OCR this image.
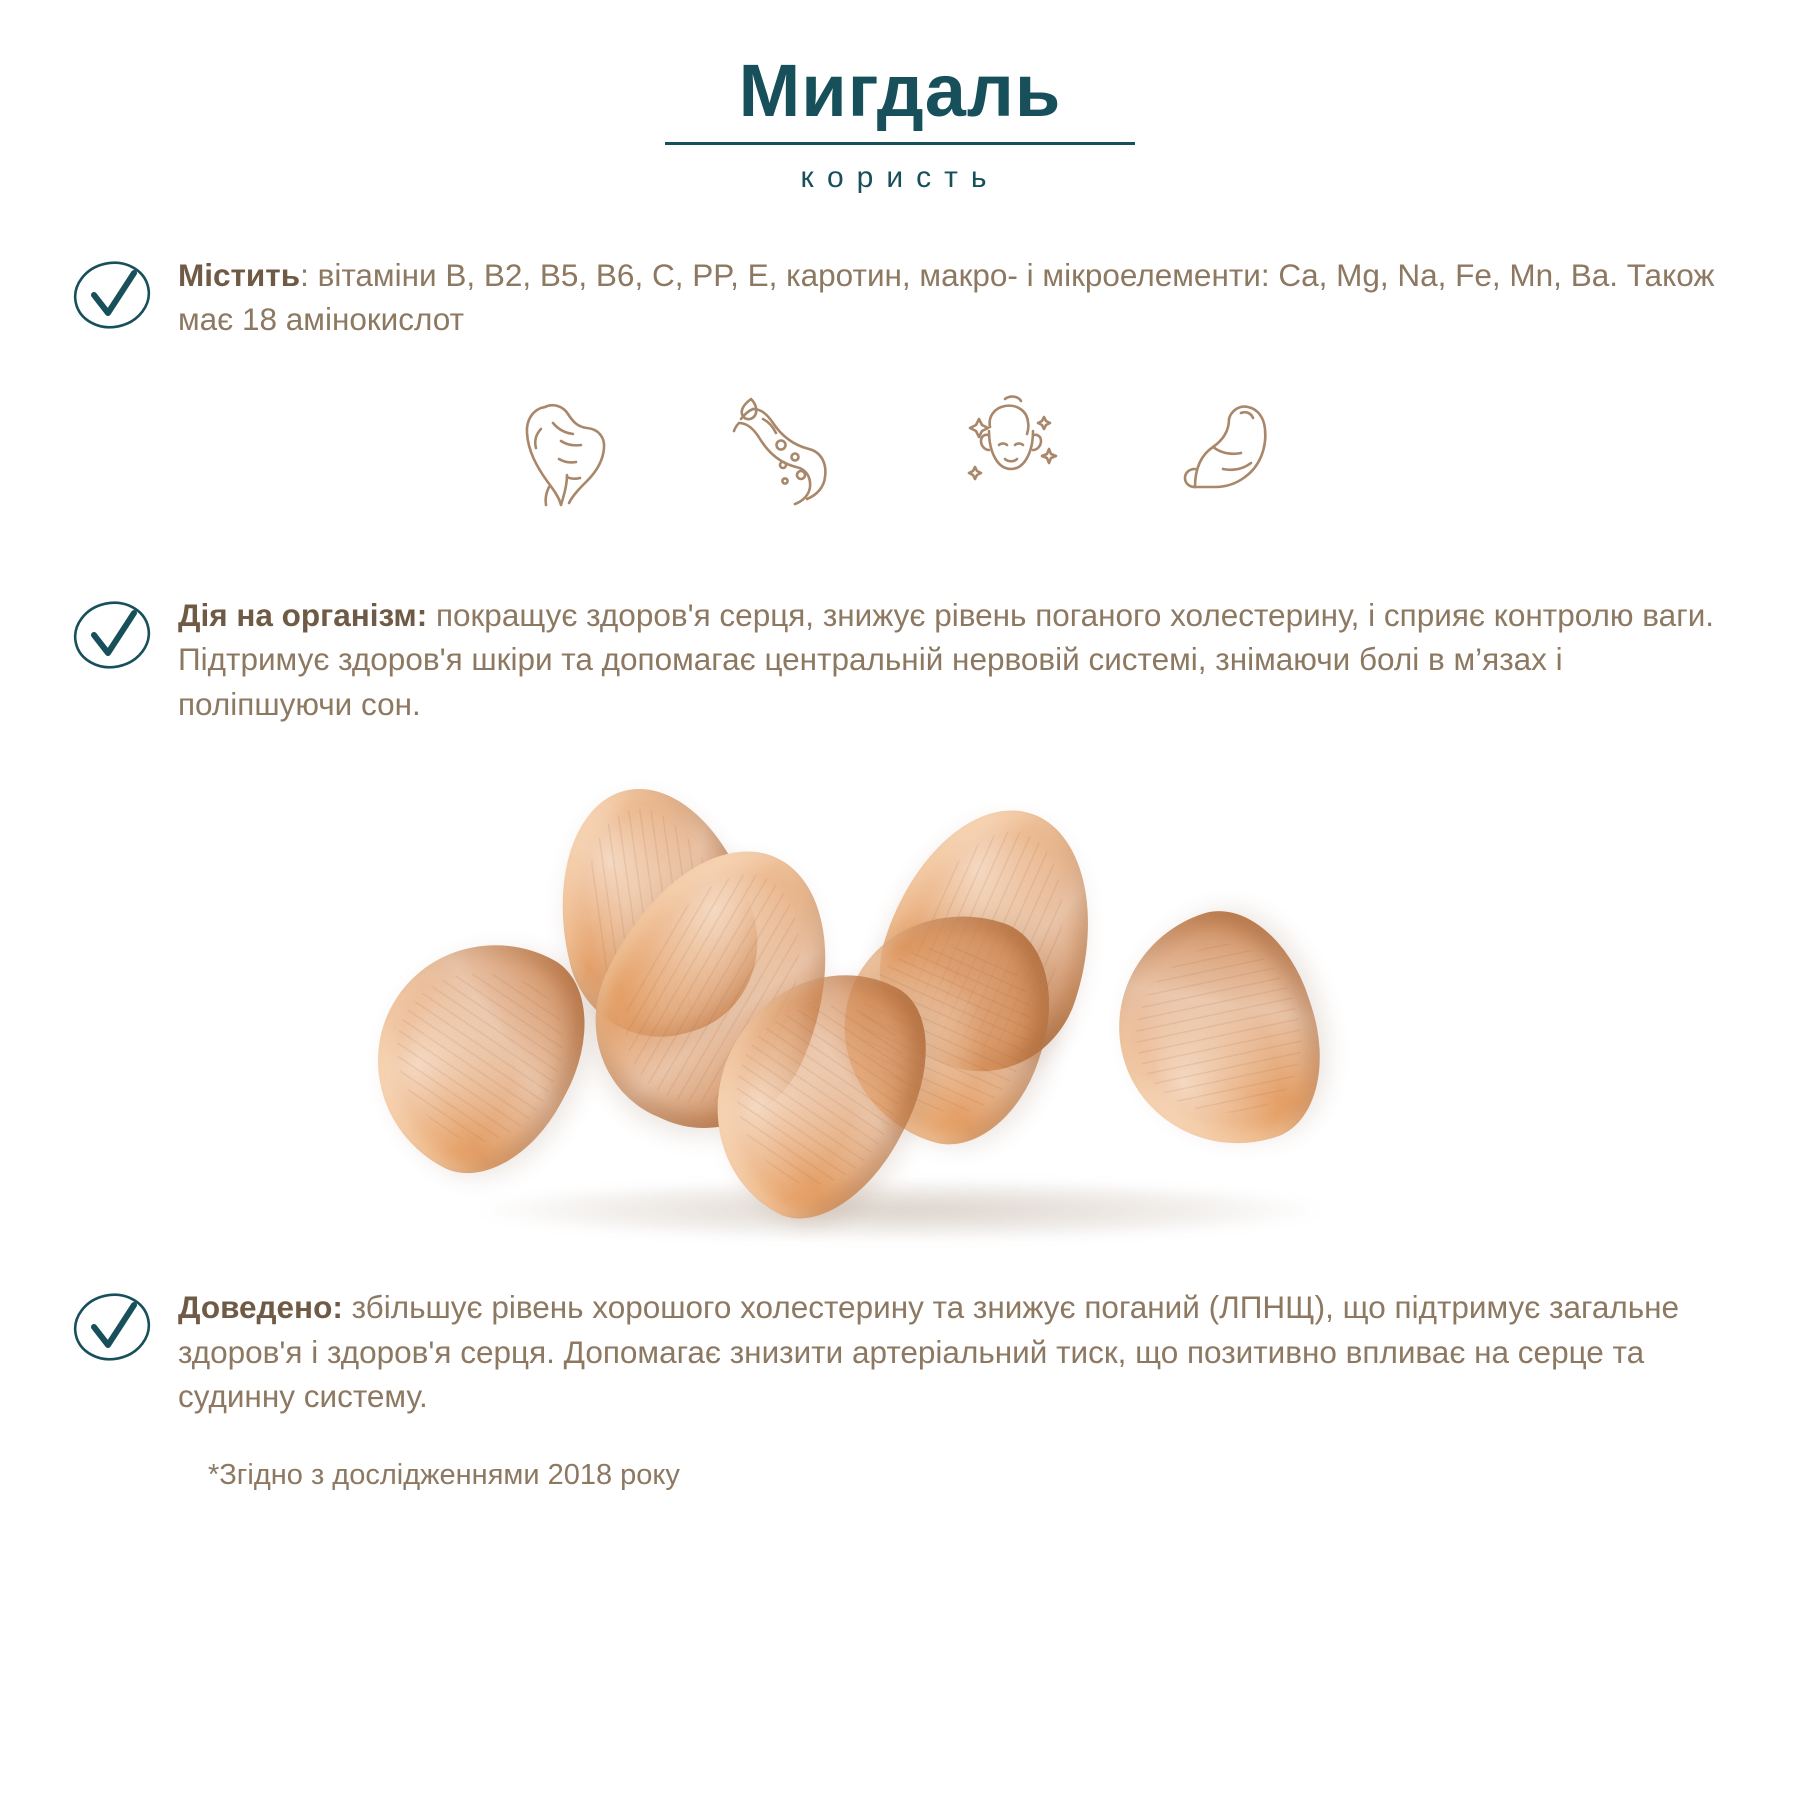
Мигдаль
користь
Містить: вітаміни B, B2, B5, B6, C, PP, E, каротин, макро- і мікроелементи: Ca, Mg, Na, Fe, Mn, Ba. Також має 18 амінокислот
Дія на організм: покращує здоров'я серця, знижує рівень поганого холестерину, і сприяє контролю ваги. Підтримує здоров'я шкіри та допомагає центральній нервовій системі, знімаючи болі в м’язах і поліпшуючи сон.
Доведено: збільшує рівень хорошого холестерину та знижує поганий (ЛПНЩ), що підтримує загальне здоров'я і здоров'я серця. Допомагає знизити артеріальний тиск, що позитивно впливає на серце та судинну систему.
*Згідно з дослідженнями 2018 року
